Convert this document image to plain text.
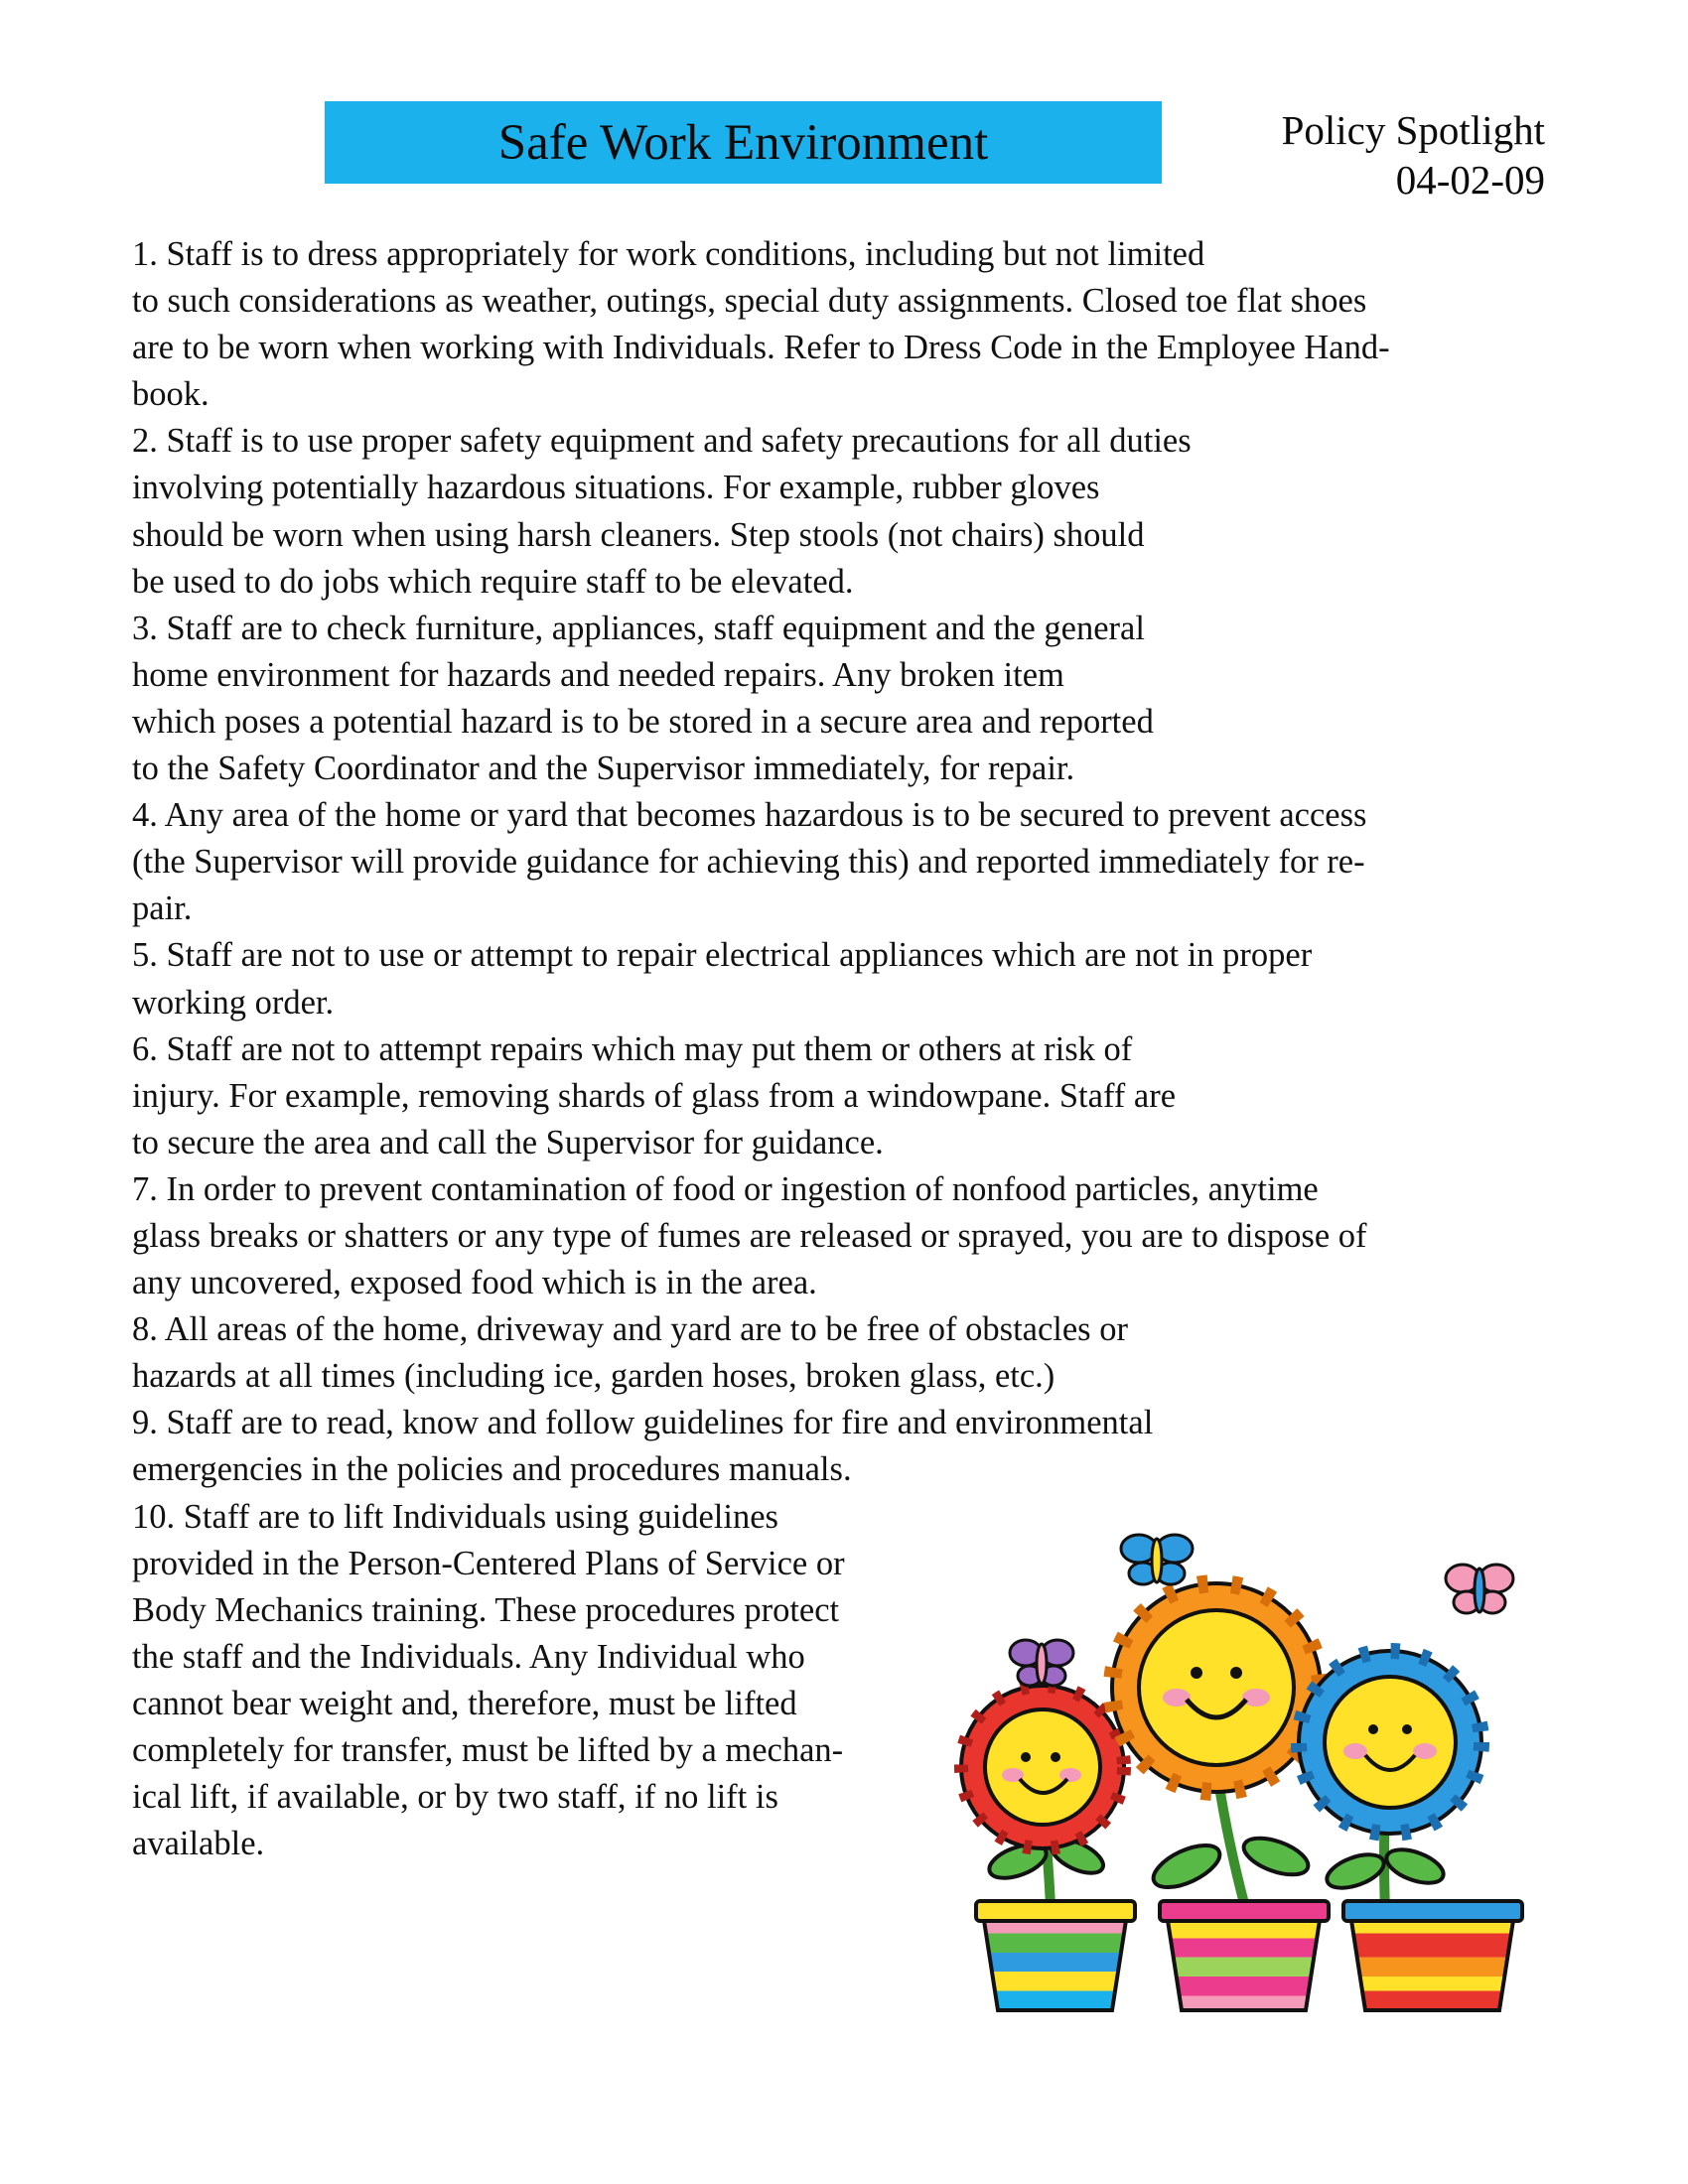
Safe Work Environment	Policy Spotlight
04-02-09
1. Staff is to dress appropriately for work conditions, including but not limited
to such considerations as weather, outings, special duty assignments. Closed toe flat shoes
are to be worn when working with Individuals. Refer to Dress Code in the Employee Hand-
book.
2. Staff is to use proper safety equipment and safety precautions for all duties
involving potentially hazardous situations. For example, rubber gloves
should be worn when using harsh cleaners. Step stools (not chairs) should
be used to do jobs which require staff to be elevated.
3. Staff are to check furniture, appliances, staff equipment and the general
home environment for hazards and needed repairs. Any broken item
which poses a potential hazard is to be stored in a secure area and reported
to the Safety Coordinator and the Supervisor immediately, for repair.
4. Any area of the home or yard that becomes hazardous is to be secured to prevent access
(the Supervisor will provide guidance for achieving this) and reported immediately for re-
pair.
5. Staff are not to use or attempt to repair electrical appliances which are not in proper
working order.
6. Staff are not to attempt repairs which may put them or others at risk of
injury. For example, removing shards of glass from a windowpane. Staff are
to secure the area and call the Supervisor for guidance.
7. In order to prevent contamination of food or ingestion of nonfood particles, anytime
glass breaks or shatters or any type of fumes are released or sprayed, you are to dispose of
any uncovered, exposed food which is in the area.
8. All areas of the home, driveway and yard are to be free of obstacles or
hazards at all times (including ice, garden hoses, broken glass, etc.)
9. Staff are to read, know and follow guidelines for fire and environmental
emergencies in the policies and procedures manuals.
10. Staff are to lift Individuals using guidelines
provided in the Person-Centered Plans of Service or
Body Mechanics training. These procedures protect
the staff and the Individuals. Any Individual who
cannot bear weight and, therefore, must be lifted
completely for transfer, must be lifted by a mechan-
ical lift, if available, or by two staff, if no lift is
available.
